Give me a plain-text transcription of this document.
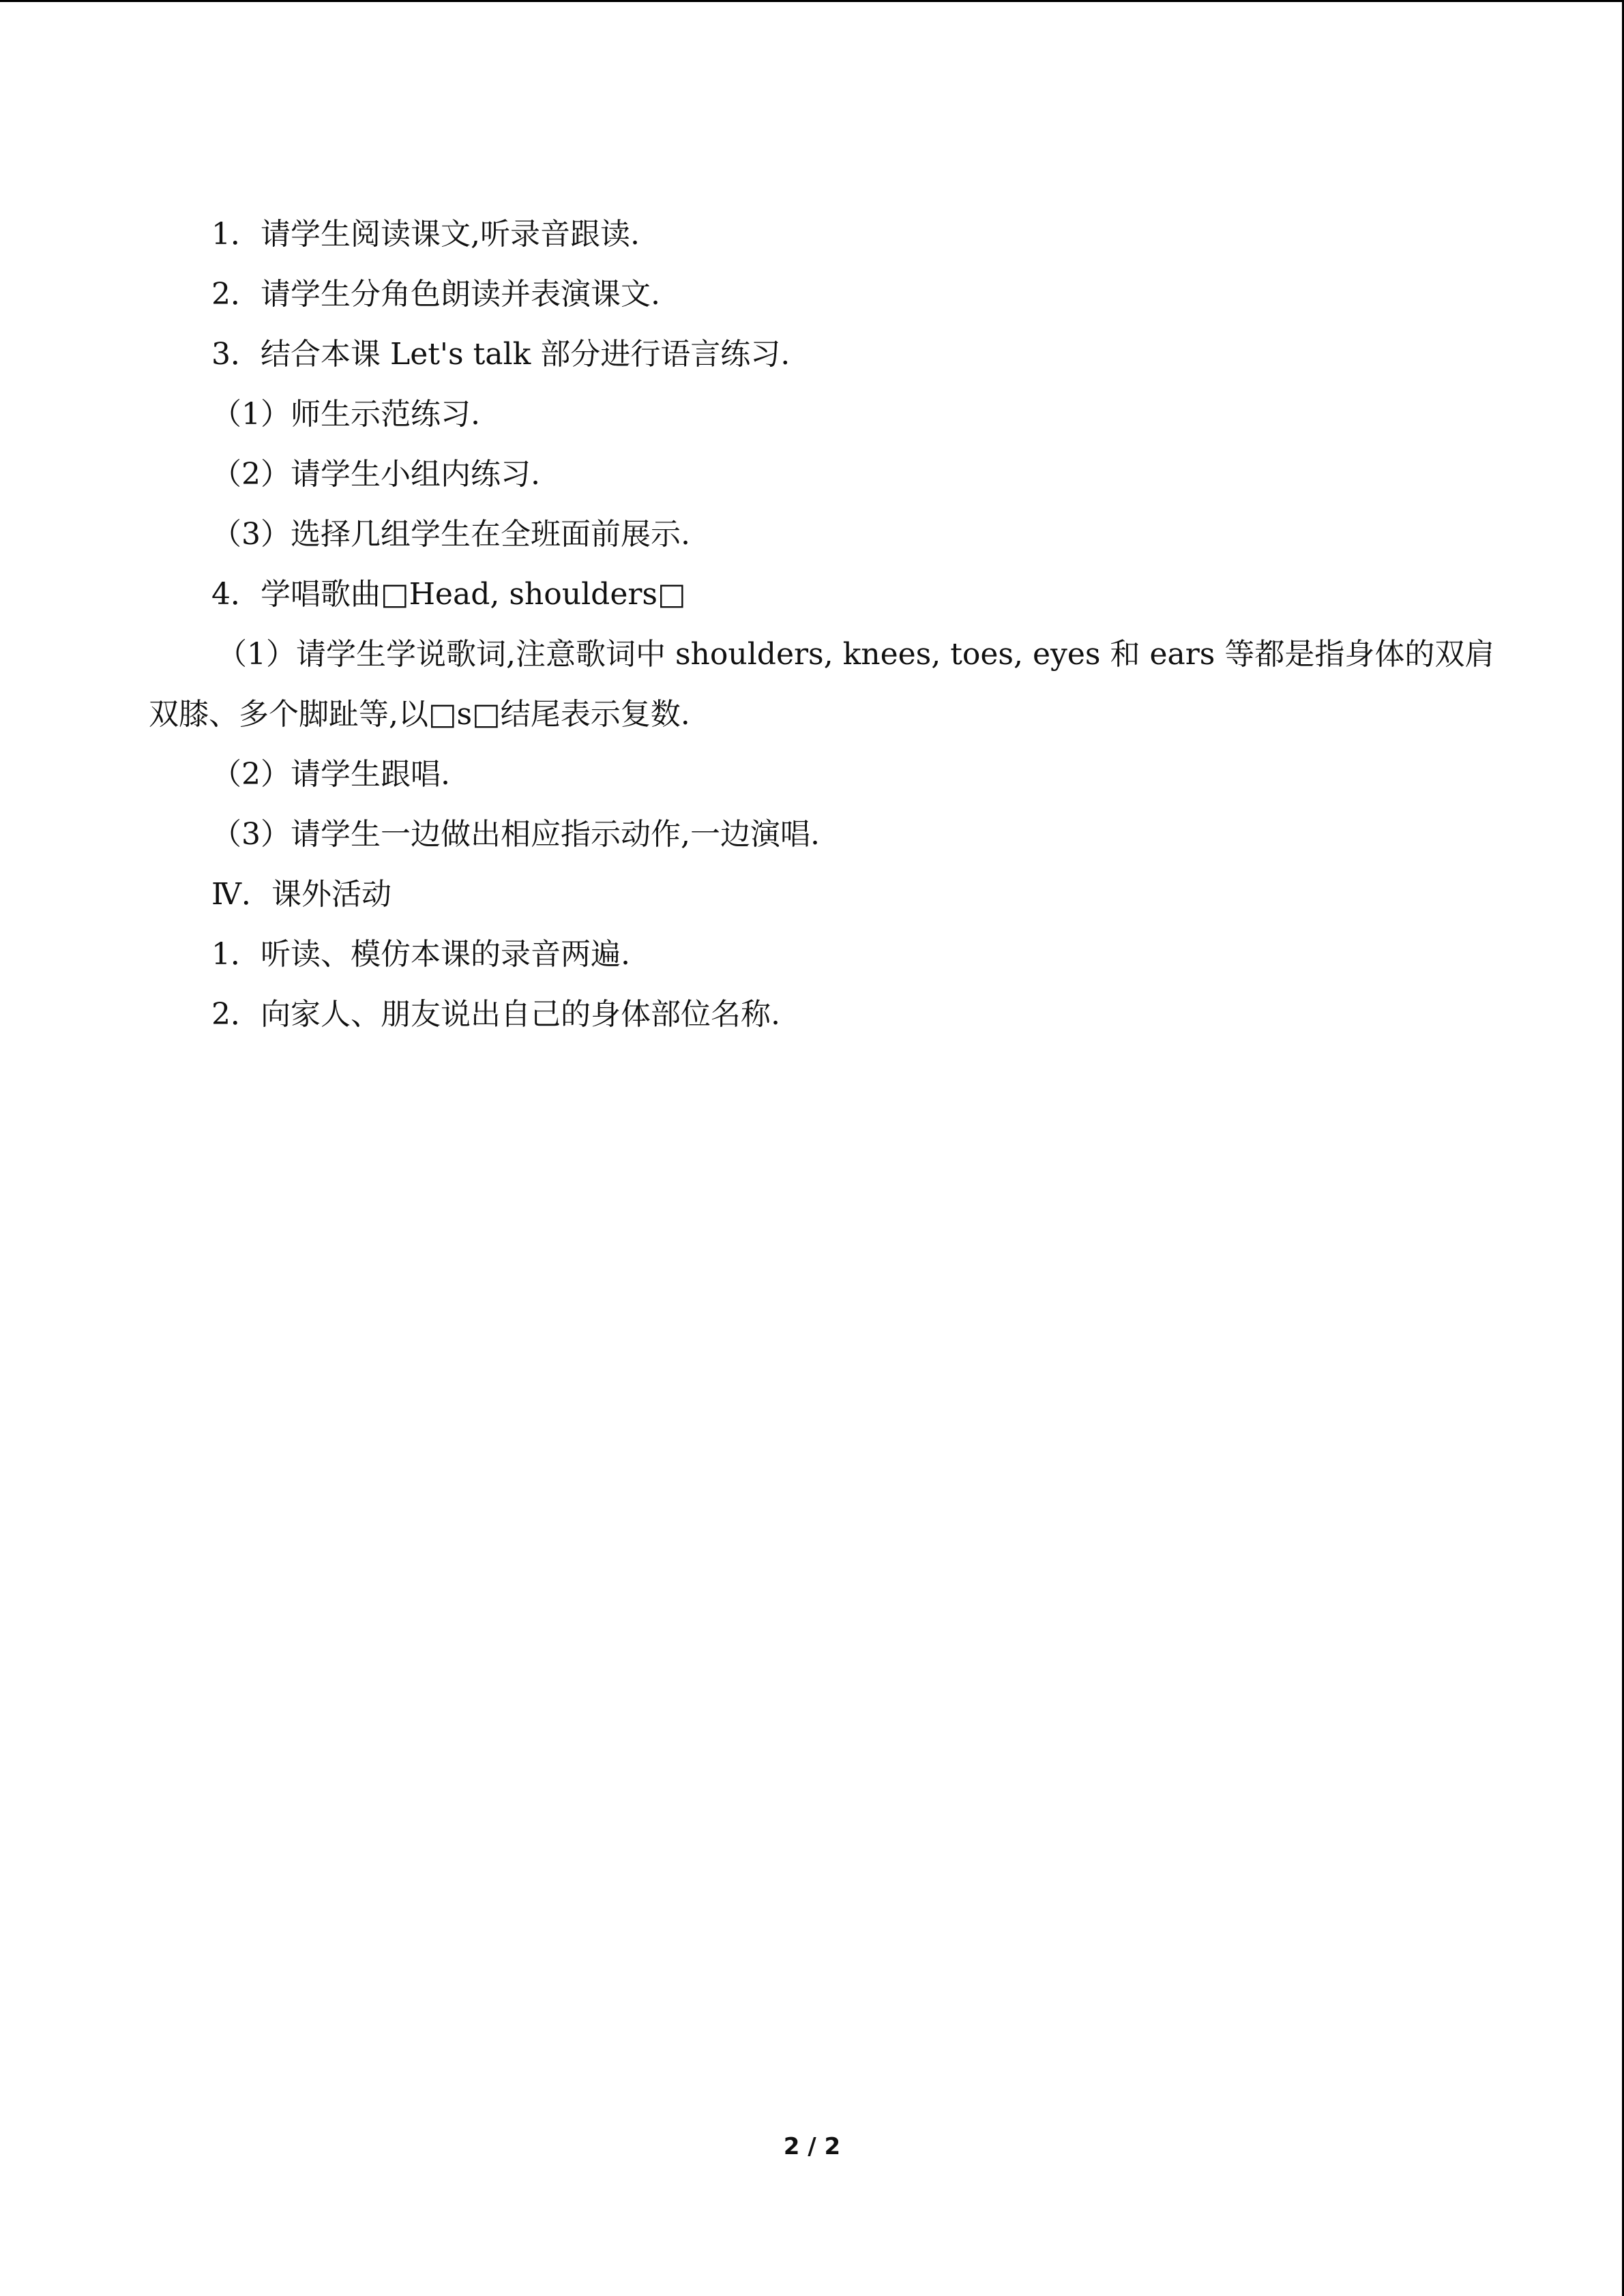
1．请学生阅读课文,听录音跟读.
2．请学生分角色朗读并表演课文.
3．结合本课 Let's talk 部分进行语言练习.
（1）师生示范练习.
（2）请学生小组内练习.
（3）选择几组学生在全班面前展示.
4．学唱歌曲□Head, shoulders□
（1）请学生学说歌词,注意歌词中 shoulders, knees, toes, eyes 和 ears 等都是指身体的双肩
双膝、多个脚趾等,以□s□结尾表示复数.
（2）请学生跟唱.
（3）请学生一边做出相应指示动作,一边演唱.
Ⅳ．课外活动
1．听读、模仿本课的录音两遍.
2．向家人、朋友说出自己的身体部位名称.
2 / 2
